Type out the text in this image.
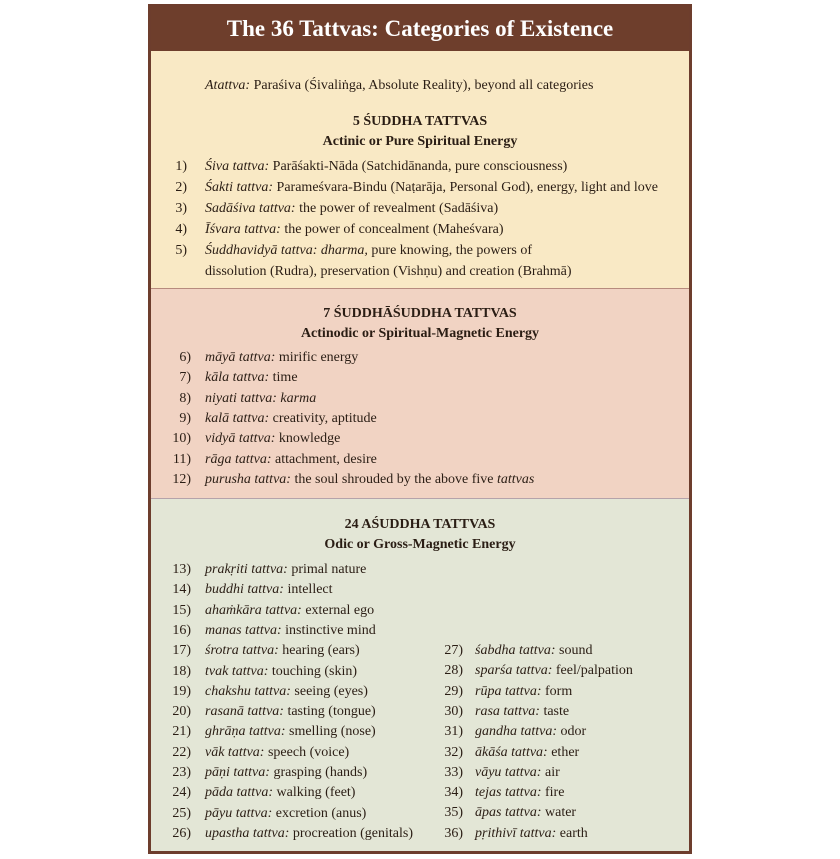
The 36 Tattvas: Categories of Existence
Atattva: Paraśiva (Śivaliṅga, Absolute Reality), beyond all categories
5 ŚUDDHA TATTVAS
Actinic or Pure Spiritual Energy
1) Śiva tattva: Parāśakti-Nāda (Satchidānanda, pure consciousness)
2) Śakti tattva: Parameśvara-Bindu (Naṭarāja, Personal God), energy, light and love
3) Sadāśiva tattva: the power of revealment (Sadāśiva)
4) Īśvara tattva: the power of concealment (Maheśvara)
5) Śuddhavidyā tattva: dharma, pure knowing, the powers of
dissolution (Rudra), preservation (Vishṇu) and creation (Brahmā)
7 ŚUDDHĀŚUDDHA TATTVAS
Actinodic or Spiritual-Magnetic Energy
6) māyā tattva: mirific energy
7) kāla tattva: time
8) niyati tattva: karma
9) kalā tattva: creativity, aptitude
10) vidyā tattva: knowledge
11) rāga tattva: attachment, desire
12) purusha tattva: the soul shrouded by the above five tattvas
24 AŚUDDHA TATTVAS
Odic or Gross-Magnetic Energy
13) prakṛiti tattva: primal nature
14) buddhi tattva: intellect
15) ahaṁkāra tattva: external ego
16) manas tattva: instinctive mind
17) śrotra tattva: hearing (ears)
18) tvak tattva: touching (skin)
19) chakshu tattva: seeing (eyes)
20) rasanā tattva: tasting (tongue)
21) ghrāṇa tattva: smelling (nose)
22) vāk tattva: speech (voice)
23) pāṇi tattva: grasping (hands)
24) pāda tattva: walking (feet)
25) pāyu tattva: excretion (anus)
26) upastha tattva: procreation (genitals)
27) śabdha tattva: sound
28) sparśa tattva: feel/palpation
29) rūpa tattva: form
30) rasa tattva: taste
31) gandha tattva: odor
32) ākāśa tattva: ether
33) vāyu tattva: air
34) tejas tattva: fire
35) āpas tattva: water
36) pṛithivī tattva: earth
